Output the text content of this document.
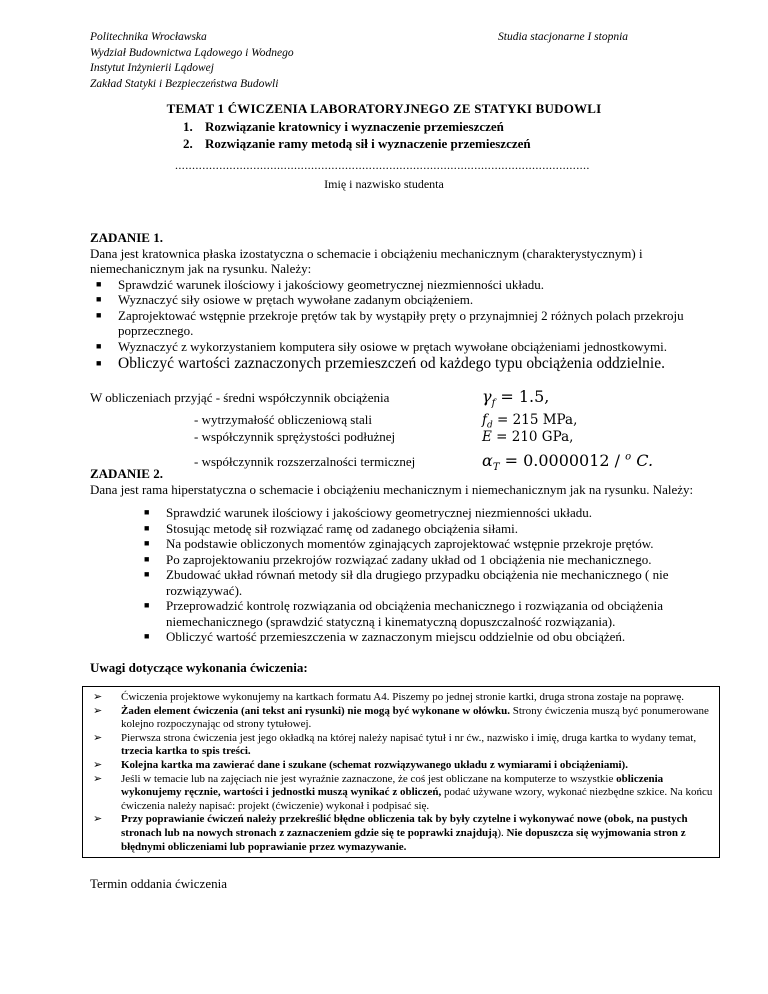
Politechnika Wrocławska
Wydział Budownictwa Lądowego i Wodnego
Instytut Inżynierii Lądowej
Zakład Statyki i Bezpieczeństwa Budowli
Studia stacjonarne I stopnia
TEMAT 1 ĆWICZENIA LABORATORYJNEGO ZE STATYKI BUDOWLI
1. Rozwiązanie kratownicy i wyznaczenie przemieszczeń
2. Rozwiązanie ramy metodą sił i wyznaczenie przemieszczeń
..........................................................................................................................
Imię i nazwisko studenta
ZADANIE 1.
Dana jest kratownica płaska izostatyczna o schemacie i obciążeniu mechanicznym (charakterystycznym) i niemechanicznym jak na rysunku. Należy:
■ Sprawdzić warunek ilościowy i jakościowy geometrycznej niezmienności układu.
■ Wyznaczyć siły osiowe w prętach wywołane zadanym obciążeniem.
■ Zaprojektować wstępnie przekroje prętów tak by wystąpiły pręty o przynajmniej 2 różnych polach przekroju poprzecznego.
■ Wyznaczyć z wykorzystaniem komputera siły osiowe w prętach wywołane obciążeniami jednostkowymi.
■ Obliczyć wartości zaznaczonych przemieszczeń od każdego typu obciążenia oddzielnie.
W obliczeniach przyjąć - średni współczynnik obciążenia	$\gamma_f = 1.5$,
- wytrzymałość obliczeniową stali	$f_d = 215$ MPa,
- współczynnik sprężystości podłużnej	E = 210 GPa,
- współczynnik rozszerzalności termicznej	$\alpha_T = 0.0000012 / ^o$ C.
ZADANIE 2.
Dana jest rama hiperstatyczna o schemacie i obciążeniu mechanicznym i niemechanicznym jak na rysunku. Należy:
■ Sprawdzić warunek ilościowy i jakościowy geometrycznej niezmienności układu.
■ Stosując metodę sił rozwiązać ramę od zadanego obciążenia siłami.
■ Na podstawie obliczonych momentów zginających zaprojektować wstępnie przekroje prętów.
■ Po zaprojektowaniu przekrojów rozwiązać zadany układ od 1 obciążenia nie mechanicznego.
■ Zbudować układ równań metody sił dla drugiego przypadku obciążenia nie mechanicznego ( nie rozwiązywać).
■ Przeprowadzić kontrolę rozwiązania od obciążenia mechanicznego i rozwiązania od obciążenia niemechanicznego (sprawdzić statyczną i kinematyczną dopuszczalność rozwiązania).
■ Obliczyć wartość przemieszczenia w zaznaczonym miejscu oddzielnie od obu obciążeń.
Uwagi dotyczące wykonania ćwiczenia:
➢ Ćwiczenia projektowe wykonujemy na kartkach formatu A4. Piszemy po jednej stronie kartki, druga strona zostaje na poprawę.
➢ Żaden element ćwiczenia (ani tekst ani rysunki) nie mogą być wykonane w ołówku. Strony ćwiczenia muszą być ponumerowane kolejno rozpoczynając od strony tytułowej.
➢ Pierwsza strona ćwiczenia jest jego okładką na której należy napisać tytuł i nr ćw., nazwisko i imię, druga kartka to wydany temat, trzecia kartka to spis treści.
➢ Kolejna kartka ma zawierać dane i szukane (schemat rozwiązywanego układu z wymiarami i obciążeniami).
➢ Jeśli w temacie lub na zajęciach nie jest wyraźnie zaznaczone, że coś jest obliczane na komputerze to wszystkie obliczenia wykonujemy ręcznie, wartości i jednostki muszą wynikać z obliczeń, podać używane wzory, wykonać niezbędne szkice. Na końcu ćwiczenia należy napisać: projekt (ćwiczenie) wykonał i podpisać się.
➢ Przy poprawianie ćwiczeń należy przekreślić błędne obliczenia tak by były czytelne i wykonywać nowe (obok, na pustych stronach lub na nowych stronach z zaznaczeniem gdzie się te poprawki znajdują). Nie dopuszcza się wyjmowania stron z błędnymi obliczeniami lub poprawianie przez wymazywanie.
Termin oddania ćwiczenia
